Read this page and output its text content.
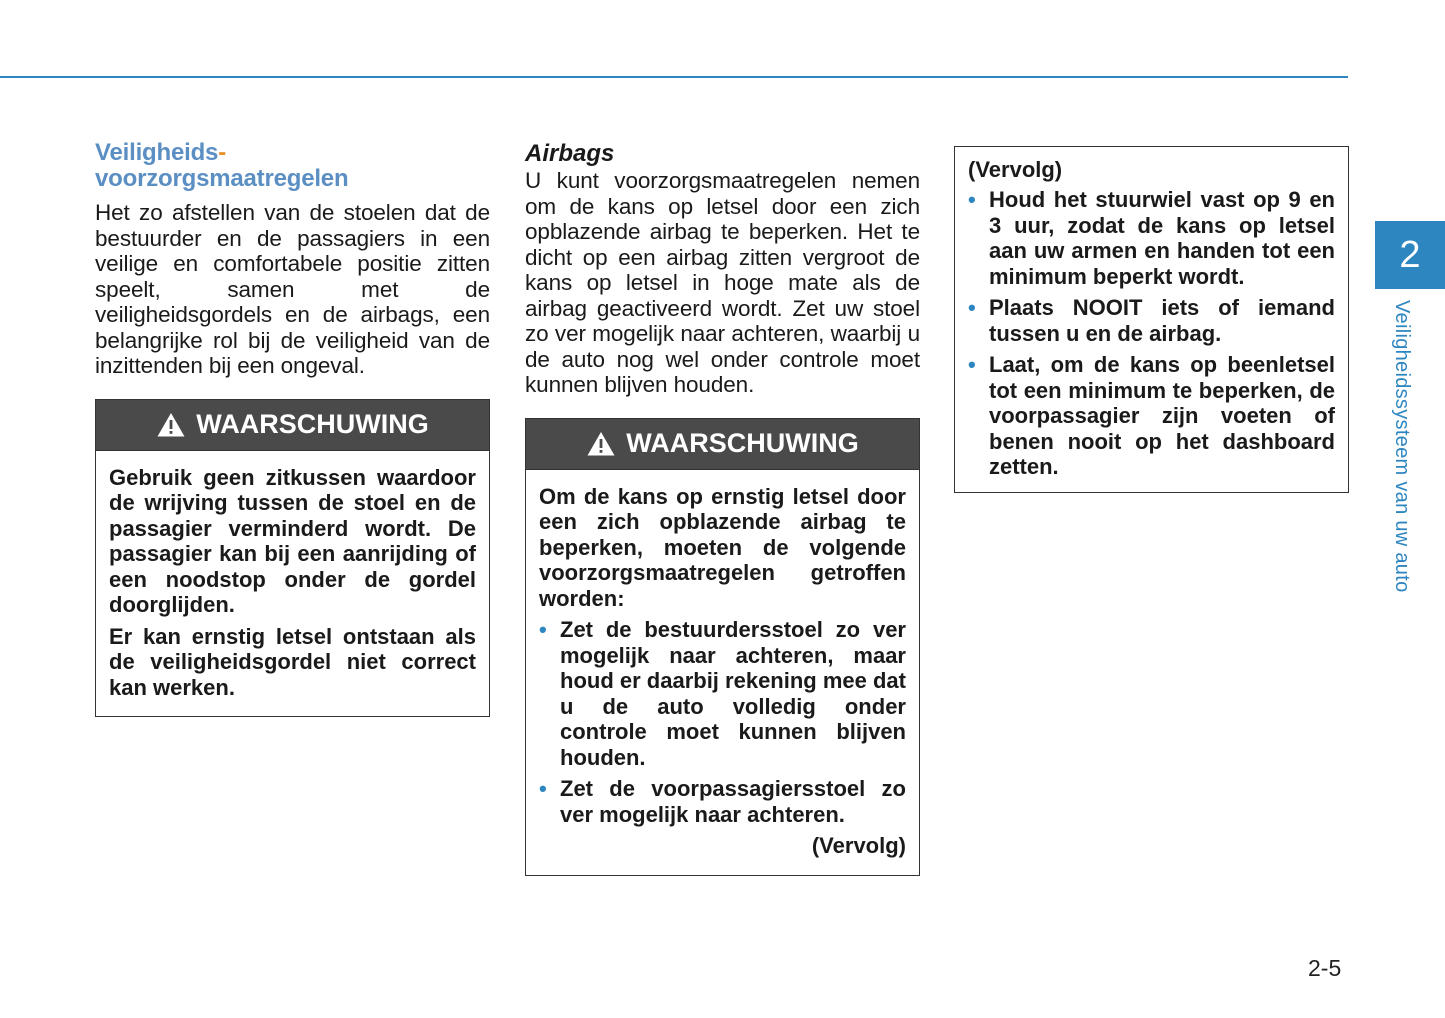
Veiligheids-
voorzorgsmaatregelen

Het zo afstellen van de stoelen dat de bestuurder en de passagiers in een veilige en comfortabele positie zitten speelt, samen met de veiligheidsgordels en de airbags, een belangrijke rol bij de veiligheid van de inzittenden bij een ongeval.

WAARSCHUWING

Gebruik geen zitkussen waardoor de wrijving tussen de stoel en de passagier verminderd wordt. De passagier kan bij een aanrijding of een noodstop onder de gordel doorglijden.

Er kan ernstig letsel ontstaan als de veiligheidsgordel niet correct kan werken.

Airbags

U kunt voorzorgsmaatregelen nemen om de kans op letsel door een zich opblazende airbag te beperken. Het te dicht op een airbag zitten vergroot de kans op letsel in hoge mate als de airbag geactiveerd wordt. Zet uw stoel zo ver mogelijk naar achteren, waarbij u de auto nog wel onder controle moet kunnen blijven houden.

WAARSCHUWING

Om de kans op ernstig letsel door een zich opblazende airbag te beperken, moeten de volgende voorzorgsmaatregelen getroffen worden:

• Zet de bestuurdersstoel zo ver mogelijk naar achteren, maar houd er daarbij rekening mee dat u de auto volledig onder controle moet kunnen blijven houden.
• Zet de voorpassagiersstoel zo ver mogelijk naar achteren.
(Vervolg)

(Vervolg)

• Houd het stuurwiel vast op 9 en 3 uur, zodat de kans op letsel aan uw armen en handen tot een minimum beperkt wordt.
• Plaats NOOIT iets of iemand tussen u en de airbag.
• Laat, om de kans op beenletsel tot een minimum te beperken, de voorpassagier zijn voeten of benen nooit op het dashboard zetten.
2
Veiligheidssysteem van uw auto
2-5
